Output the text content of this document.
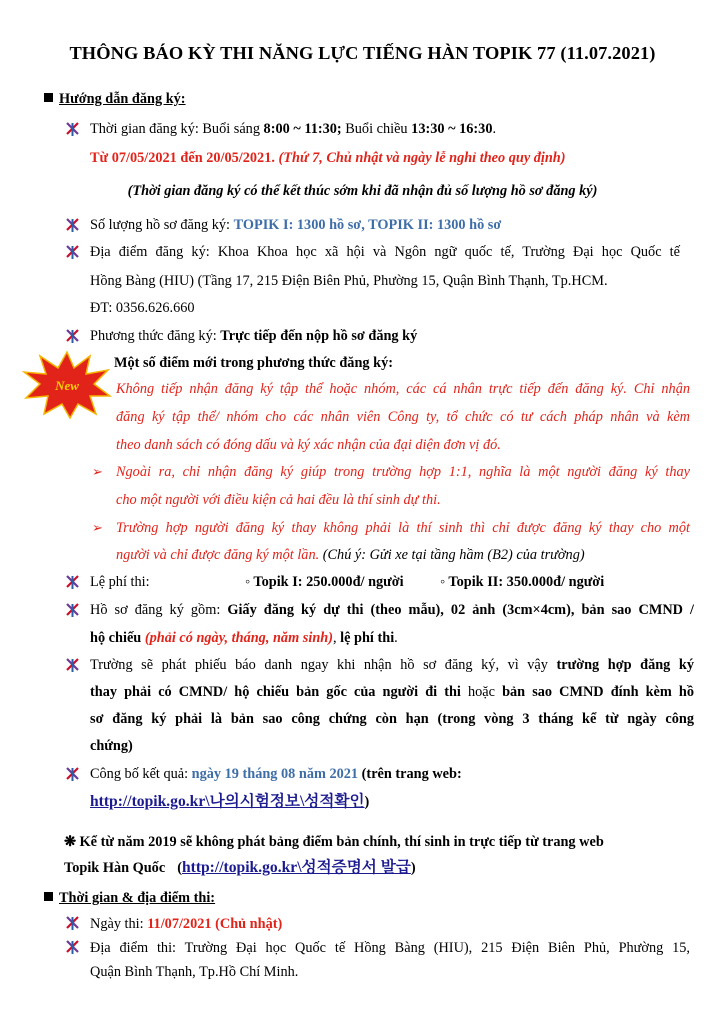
THÔNG BÁO KỲ THI NĂNG LỰC TIẾNG HÀN TOPIK 77 (11.07.2021)
Hướng dẫn đăng ký:
Thời gian đăng ký: Buổi sáng 8:00 ~ 11:30; Buổi chiều 13:30 ~ 16:30.
Từ 07/05/2021 đến 20/05/2021. (Thứ 7, Chủ nhật và ngày lễ nghỉ theo quy định)
(Thời gian đăng ký có thể kết thúc sớm khi đã nhận đủ số lượng hồ sơ đăng ký)
Số lượng hồ sơ đăng ký: TOPIK I: 1300 hồ sơ, TOPIK II: 1300 hồ sơ
Địa điểm đăng ký: Khoa Khoa học xã hội và Ngôn ngữ quốc tế, Trường Đại học Quốc tế
Hồng Bàng (HIU) (Tầng 17, 215 Điện Biên Phủ, Phường 15, Quận Bình Thạnh, Tp.HCM.
ĐT: 0356.626.660
Phương thức đăng ký: Trực tiếp đến nộp hồ sơ đăng ký
New
Một số điểm mới trong phương thức đăng ký:
Không tiếp nhận đăng ký tập thể hoặc nhóm, các cá nhân trực tiếp đến đăng ký. Chỉ nhận
đăng ký tập thể/ nhóm cho các nhân viên Công ty, tổ chức có tư cách pháp nhân và kèm
theo danh sách có đóng dấu và ký xác nhận của đại diện đơn vị đó.
➢ Ngoài ra, chỉ nhận đăng ký giúp trong trường hợp 1:1, nghĩa là một người đăng ký thay
cho một người với điều kiện cả hai đều là thí sinh dự thi.
➢ Trường hợp người đăng ký thay không phải là thí sinh thì chỉ được đăng ký thay cho một
người và chỉ được đăng ký một lần. (Chú ý: Gửi xe tại tầng hầm (B2) của trường)
Lệ phí thi:	◦ Topik I: 250.000đ/ người	◦ Topik II: 350.000đ/ người
Hồ sơ đăng ký gồm: Giấy đăng ký dự thi (theo mẫu), 02 ảnh (3cm×4cm), bản sao CMND /
hộ chiếu (phải có ngày, tháng, năm sinh), lệ phí thi.
Trường sẽ phát phiếu báo danh ngay khi nhận hồ sơ đăng ký, vì vậy trường hợp đăng ký
thay phải có CMND/ hộ chiếu bản gốc của người đi thi hoặc bản sao CMND đính kèm hồ
sơ đăng ký phải là bản sao công chứng còn hạn (trong vòng 3 tháng kể từ ngày công
chứng)
Công bố kết quả: ngày 19 tháng 08 năm 2021 (trên trang web:
http://topik.go.kr\나의시험정보\성적확인)
❋ Kể từ năm 2019 sẽ không phát bảng điểm bản chính, thí sinh in trực tiếp từ trang web
Topik Hàn Quốc (http://topik.go.kr\성적증명서 발급)
Thời gian & địa điểm thi:
Ngày thi: 11/07/2021 (Chủ nhật)
Địa điểm thi: Trường Đại học Quốc tế Hồng Bàng (HIU), 215 Điện Biên Phủ, Phường 15,
Quận Bình Thạnh, Tp.Hồ Chí Minh.
